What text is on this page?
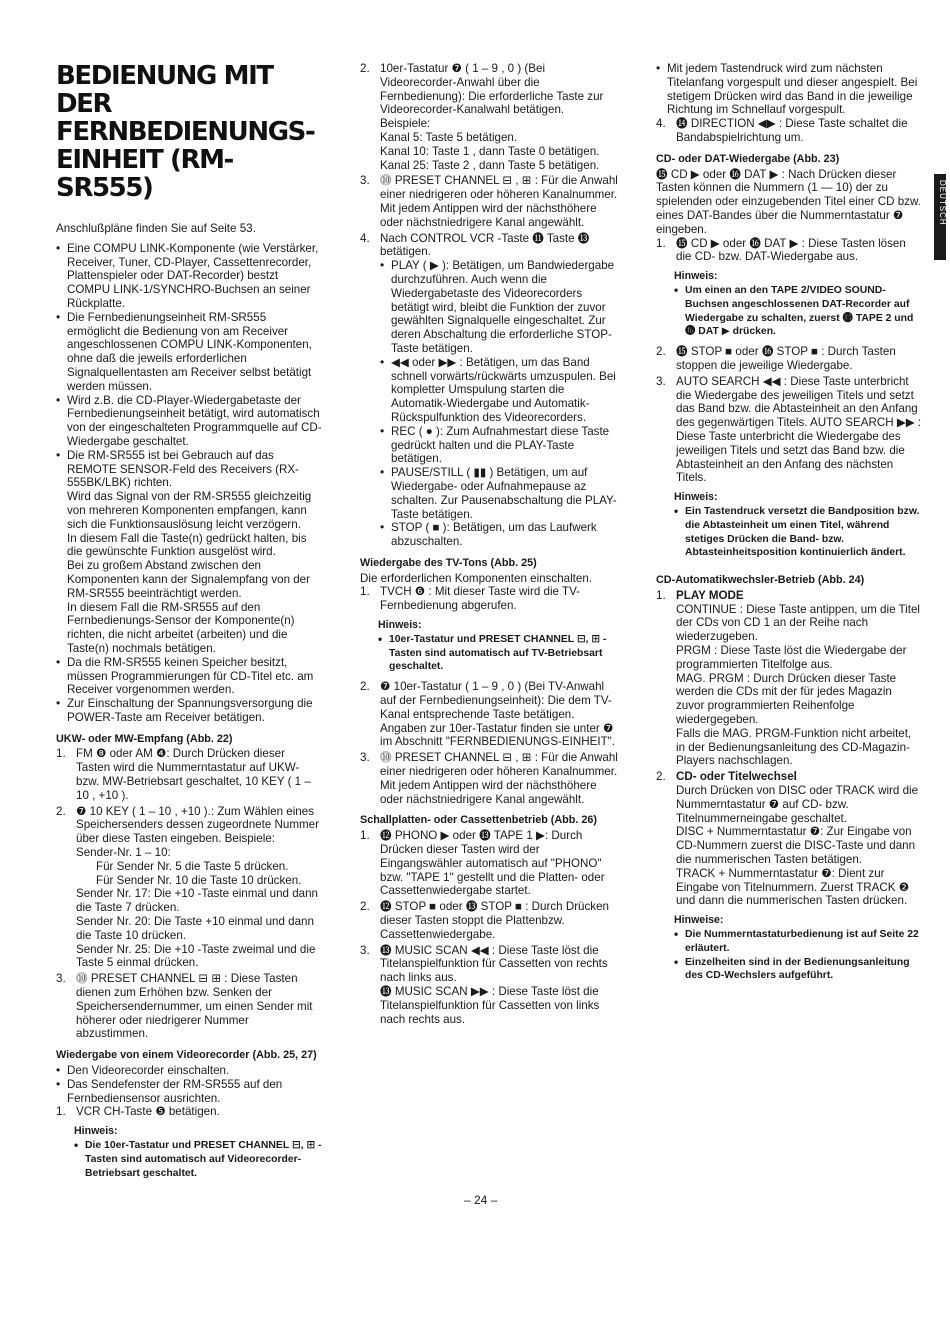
DEUTSCH
BEDIENUNG MIT DER FERNBEDIENUNGS-EINHEIT (RM-SR555)

Anschlußpläne finden Sie auf Seite 53.

• Eine COMPU LINK-Komponente (wie Verstärker, Receiver, Tuner, CD-Player, Cassettenrecorder, Plattenspieler oder DAT-Recorder) bestzt COMPU LINK-1/SYNCHRO-Buchsen an seiner Rückplatte.
• Die Fernbedienungseinheit RM-SR555 ermöglicht die Bedienung von am Receiver angeschlossenen COMPU LINK-Komponenten, ohne daß die jeweils erforderlichen Signalquellentasten am Receiver selbst betätigt werden müssen.
• Wird z.B. die CD-Player-Wiedergabetaste der Fernbedienungseinheit betätigt, wird automatisch von der eingeschalteten Programmquelle auf CD-Wiedergabe geschaltet.
• Die RM-SR555 ist bei Gebrauch auf das REMOTE SENSOR-Feld des Receivers (RX-555BK/LBK) richten.

Wird das Signal von der RM-SR555 gleichzeitig von mehreren Komponenten empfangen, kann sich die Funktionsauslösung leicht verzögern.

In diesem Fall die Taste(n) gedrückt halten, bis die gewünschte Funktion ausgelöst wird.

Bei zu großem Abstand zwischen den Komponenten kann der Signalempfang von der RM-SR555 beeinträchtigt werden.

In diesem Fall die RM-SR555 auf den Fernbedienungs-Sensor der Komponente(n) richten, die nicht arbeitet (arbeiten) und die Taste(n) nochmals betätigen.

• Da die RM-SR555 keinen Speicher besitzt, müssen Programmierungen für CD-Titel etc. am Receiver vorgenommen werden.
• Zur Einschaltung der Spannungsversorgung die POWER-Taste am Receiver betätigen.
UKW- oder MW-Empfang (Abb. 22)
1. FM ❽ oder AM ❹: Durch Drücken dieser Tasten wird die Nummerntastatur auf UKW-bzw. MW-Betriebsart geschaltet, 10 KEY ( 1 – 10 , +10 ).
2. ❼ 10 KEY ( 1 – 10 , +10 ).: Zum Wählen eines Speichersenders dessen zugeordnete Nummer über diese Tasten eingeben. Beispiele:

Sender-Nr. 1 – 10:

Für Sender Nr. 5 die Taste 5 drücken.

Für Sender Nr. 10 die Taste 10 drücken.

Sender Nr. 17: Die +10 -Taste einmal und dann die Taste 7 drücken.

Sender Nr. 20: Die Taste +10 einmal und dann die Taste 10 drücken.

Sender Nr. 25: Die +10 -Taste zweimal und die Taste 5 einmal drücken.

3. ⓾ PRESET CHANNEL ⊟ ⊞ : Diese Tasten dienen zum Erhöhen bzw. Senken der Speichersendernummer, um einen Sender mit höherer oder niedrigerer Nummer abzustimmen.
Wiedergabe von einem Videorecorder (Abb. 25, 27)
• Den Videorecorder einschalten.
• Das Sendefenster der RM-SR555 auf den Fernbediensensor ausrichten.
1. VCR CH-Taste ❺ betätigen.
Hinweis:
• Die 10er-Tastatur und PRESET CHANNEL ⊟, ⊞ -Tasten sind automatisch auf Videorecorder-Betriebsart geschaltet.
2. 10er-Tastatur ❼ ( 1 – 9 , 0 ) (Bei Videorecorder-Anwahl über die Fernbedienung): Die erforderliche Taste zur Videorecorder-Kanalwahl betätigen.

Beispiele:

Kanal 5: Taste 5 betätigen.

Kanal 10: Taste 1 , dann Taste 0 betätigen.

Kanal 25: Taste 2 , dann Taste 5 betätigen.

3. ⓾ PRESET CHANNEL ⊟ , ⊞ : Für die Anwahl einer niedrigeren oder höheren Kanalnummer. Mit jedem Antippen wird der nächsthöhere oder nächstniedrigere Kanal angewählt.
4. Nach CONTROL VCR -Taste ⓫ Taste ⓭ betätigen.
• PLAY ( ▶ ): Betätigen, um Bandwiedergabe durchzuführen. Auch wenn die Wiedergabetaste des Videorecorders betätigt wird, bleibt die Funktion der zuvor gewählten Signalquelle eingeschaltet. Zur deren Abschaltung die erforderliche STOP-Taste betätigen.
• ◀◀ oder ▶▶ : Betätigen, um das Band schnell vorwärts/rückwärts umzuspulen. Bei kompletter Umspulung starten die Automatik-Wiedergabe und Automatik-Rückspulfunktion des Videorecorders.
• REC ( ● ): Zum Aufnahmestart diese Taste gedrückt halten und die PLAY-Taste betätigen.
• PAUSE/STILL ( ▮▮ ) Betätigen, um auf Wiedergabe- oder Aufnahmepause az schalten. Zur Pausenabschaltung die PLAY-Taste betätigen.
• STOP ( ■ ): Betätigen, um das Laufwerk abzuschalten.
Wiedergabe des TV-Tons (Abb. 25)

Die erforderlichen Komponenten einschalten.

1. TVCH ❻ : Mit dieser Taste wird die TV-Fernbedienung abgerufen.
Hinweis:
• 10er-Tastatur und PRESET CHANNEL ⊟, ⊞ -Tasten sind automatisch auf TV-Betriebsart geschaltet.
2. ❼ 10er-Tastatur ( 1 – 9 , 0 ) (Bei TV-Anwahl auf der Fernbedienungseinheit): Die dem TV-Kanal entsprechende Taste betätigen.

Angaben zur 10er-Tastatur finden sie unter ❼ im Abschnitt "FERNBEDIENUNGS-EINHEIT".

3. ⓾ PRESET CHANNEL ⊟ , ⊞ : Für die Anwahl einer niedrigeren oder höheren Kanalnummer. Mit jedem Antippen wird der nächsthöhere oder nächstniedrigere Kanal angewählt.
Schallplatten- oder Cassettenbetrieb (Abb. 26)
1. ⓬ PHONO ▶ oder ⓭ TAPE 1 ▶: Durch Drücken dieser Tasten wird der Eingangswähler automatisch auf "PHONO" bzw. "TAPE 1" gestellt und die Platten- oder Cassettenwiedergabe startet.
2. ⓬ STOP ■ oder ⓭ STOP ■ : Durch Drücken dieser Tasten stoppt die Plattenbzw. Cassettenwiedergabe.
3. ⓭ MUSIC SCAN ◀◀ : Diese Taste löst die Titelanspielfunktion für Cassetten von rechts nach links aus.

⓭ MUSIC SCAN ▶▶ : Diese Taste löst die Titelanspielfunktion für Cassetten von links nach rechts aus.

• Mit jedem Tastendruck wird zum nächsten Titelanfang vorgespult und dieser angespielt. Bei stetigem Drücken wird das Band in die jeweilige Richtung im Schnellauf vorgespult.
4. ⓮ DIRECTION ◀▶ : Diese Taste schaltet die Bandabspielrichtung um.
CD- oder DAT-Wiedergabe (Abb. 23)

⓯ CD ▶ oder ⓰ DAT ▶ : Nach Drücken dieser Tasten können die Nummern (1 — 10) der zu spielenden oder einzugebenden Titel einer CD bzw. eines DAT-Bandes über die Nummerntastatur ❼ eingeben.

1. ⓯ CD ▶ oder ⓰ DAT ▶ : Diese Tasten lösen die CD- bzw. DAT-Wiedergabe aus.
Hinweis:
• Um einen an den TAPE 2/VIDEO SOUND-Buchsen angeschlossenen DAT-Recorder auf Wiedergabe zu schalten, zuerst ⓭ TAPE 2 und ⓰ DAT ▶ drücken.
2. ⓯ STOP ■ oder ⓰ STOP ■ : Durch Tasten stoppen die jeweilige Wiedergabe.
3. AUTO SEARCH ◀◀ : Diese Taste unterbricht die Wiedergabe des jeweiligen Titels und setzt das Band bzw. die Abtasteinheit an den Anfang des gegenwärtigen Titels. AUTO SEARCH ▶▶ : Diese Taste unterbricht die Wiedergabe des jeweiligen Titels und setzt das Band bzw. die Abtasteinheit an den Anfang des nächsten Titels.
Hinweis:
• Ein Tastendruck versetzt die Bandposition bzw. die Abtasteinheit um einen Titel, während stetiges Drücken die Band- bzw. Abtasteinheitsposition kontinuierlich ändert.
CD-Automatikwechsler-Betrieb (Abb. 24)
1. PLAY MODE

CONTINUE : Diese Taste antippen, um die Titel der CDs von CD 1 an der Reihe nach wiederzugeben.

PRGM : Diese Taste löst die Wiedergabe der programmierten Titelfolge aus.

MAG. PRGM : Durch Drücken dieser Taste werden die CDs mit der für jedes Magazin zuvor programmierten Reihenfolge wiedergegeben.

Falls die MAG. PRGM-Funktion nicht arbeitet, in der Bedienungsanleitung des CD-Magazin-Players nachschlagen.

2. CD- oder Titelwechsel

Durch Drücken von DISC oder TRACK wird die Nummerntastatur ❼ auf CD- bzw. Titelnummerneingabe geschaltet.

DISC + Nummerntastatur ❼: Zur Eingabe von CD-Nummern zuerst die DISC-Taste und dann die nummerischen Tasten betätigen.

TRACK + Nummerntastatur ❼: Dient zur Eingabe von Titelnummern. Zuerst TRACK ❷ und dann die nummerischen Tasten drücken.

Hinweise:
• Die Nummerntastaturbedienung ist auf Seite 22 erläutert.
• Einzelheiten sind in der Bedienungsanleitung des CD-Wechslers aufgeführt.
– 24 –
